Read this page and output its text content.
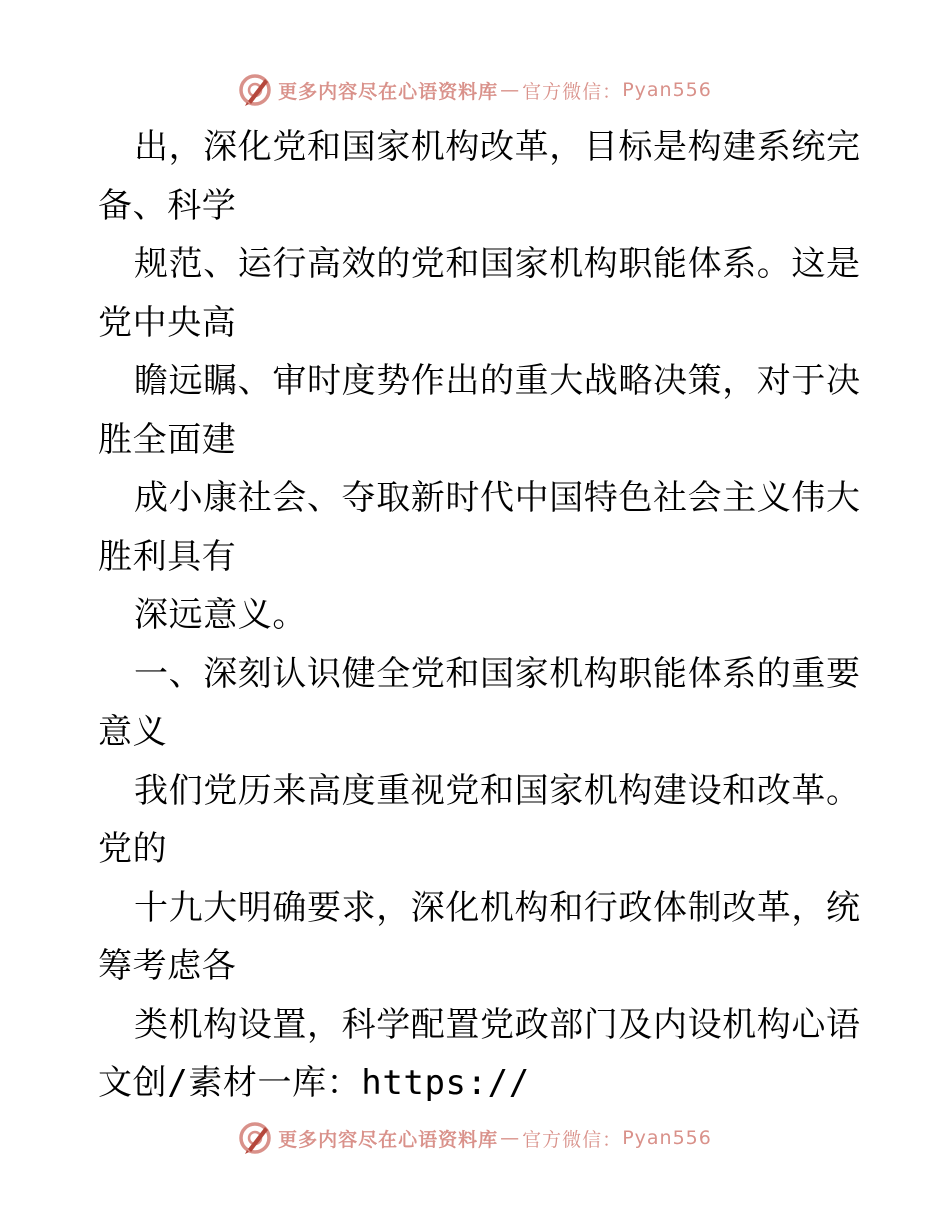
更多内容尽在心语资料库 — 官方微信： Pyan556
出，深化党和国家机构改革，目标是构建系统完
备、科学
规范、运行高效的党和国家机构职能体系。这是
党中央高
瞻远瞩、审时度势作出的重大战略决策，对于决
胜全面建
成小康社会、夺取新时代中国特色社会主义伟大
胜利具有
深远意义。
一、深刻认识健全党和国家机构职能体系的重要
意义
我们党历来高度重视党和国家机构建设和改革。
党的
十九大明确要求，深化机构和行政体制改革，统
筹考虑各
类机构设置，科学配置党政部门及内设机构心语
文创/素材一库：https://
更多内容尽在心语资料库 — 官方微信： Pyan556
